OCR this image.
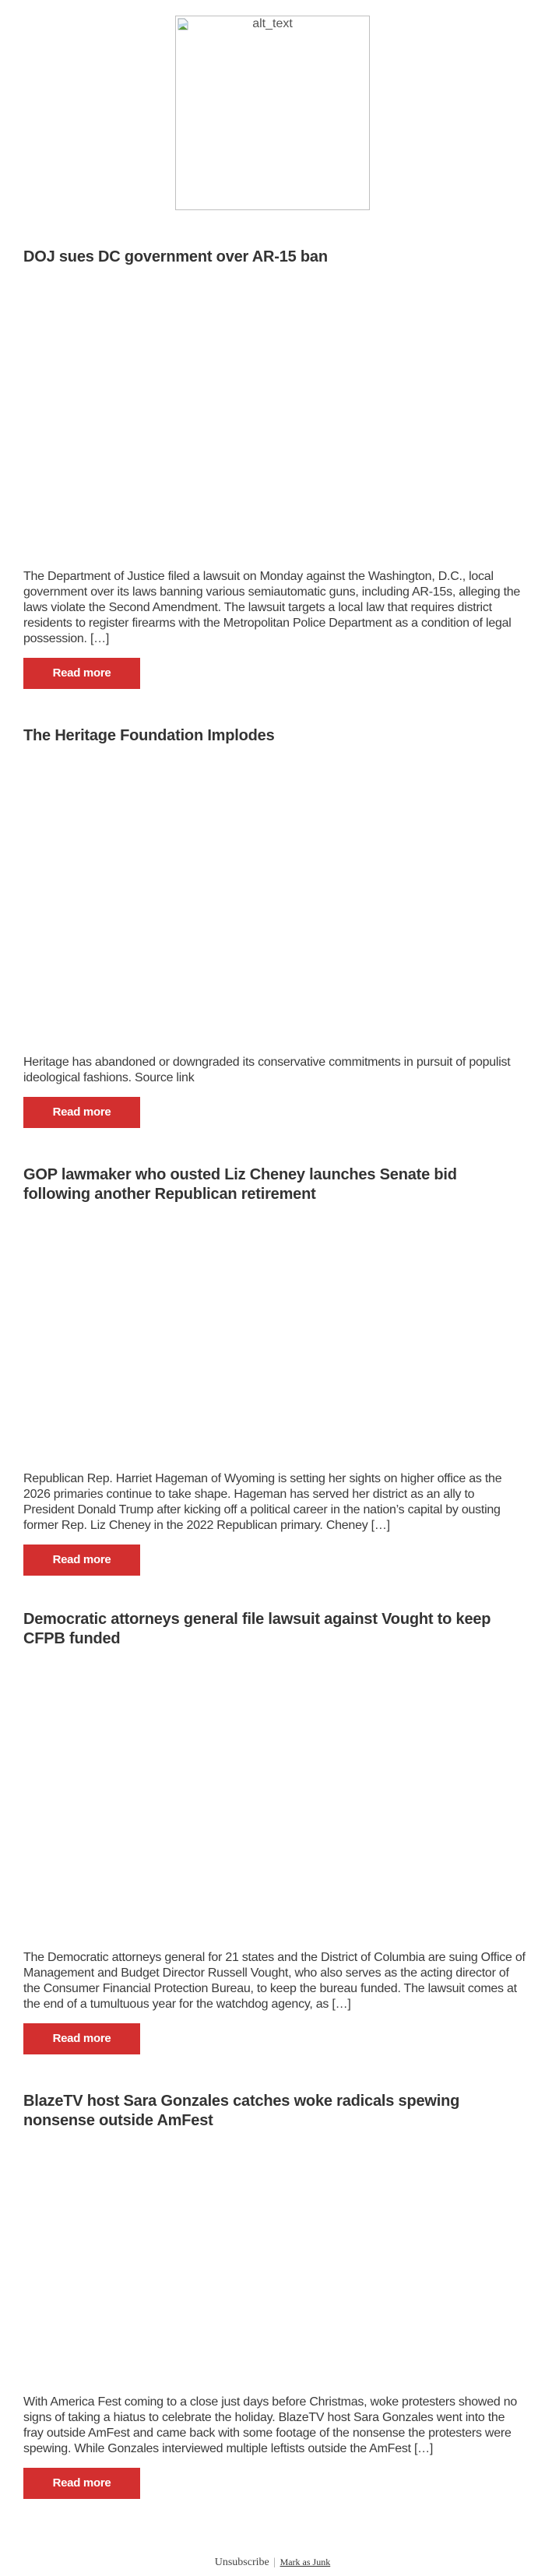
alt_text
DOJ sues DC government over AR-15 ban

The Department of Justice filed a lawsuit on Monday against the Washington, D.C., local government over its laws banning various semiautomatic guns, including AR-15s, alleging the laws violate the Second Amendment. The lawsuit targets a local law that requires district residents to register firearms with the Metropolitan Police Department as a condition of legal possession. […]

Read more
The Heritage Foundation Implodes

Heritage has abandoned or downgraded its conservative commitments in pursuit of populist ideological fashions. Source link

Read more
GOP lawmaker who ousted Liz Cheney launches Senate bid following another Republican retirement

Republican Rep. Harriet Hageman of Wyoming is setting her sights on higher office as the 2026 primaries continue to take shape. Hageman has served her district as an ally to President Donald Trump after kicking off a political career in the nation’s capital by ousting former Rep. Liz Cheney in the 2022 Republican primary. Cheney […]

Read more
Democratic attorneys general file lawsuit against Vought to keep CFPB funded

The Democratic attorneys general for 21 states and the District of Columbia are suing Office of Management and Budget Director Russell Vought, who also serves as the acting director of the Consumer Financial Protection Bureau, to keep the bureau funded. The lawsuit comes at the end of a tumultuous year for the watchdog agency, as […]

Read more
BlazeTV host Sara Gonzales catches woke radicals spewing nonsense outside AmFest

With America Fest coming to a close just days before Christmas, woke protesters showed no signs of taking a hiatus to celebrate the holiday. BlazeTV host Sara Gonzales went into the fray outside AmFest and came back with some footage of the nonsense the protesters were spewing. While Gonzales interviewed multiple leftists outside the AmFest […]

Read more
Unsubscribe | Mark as Junk
